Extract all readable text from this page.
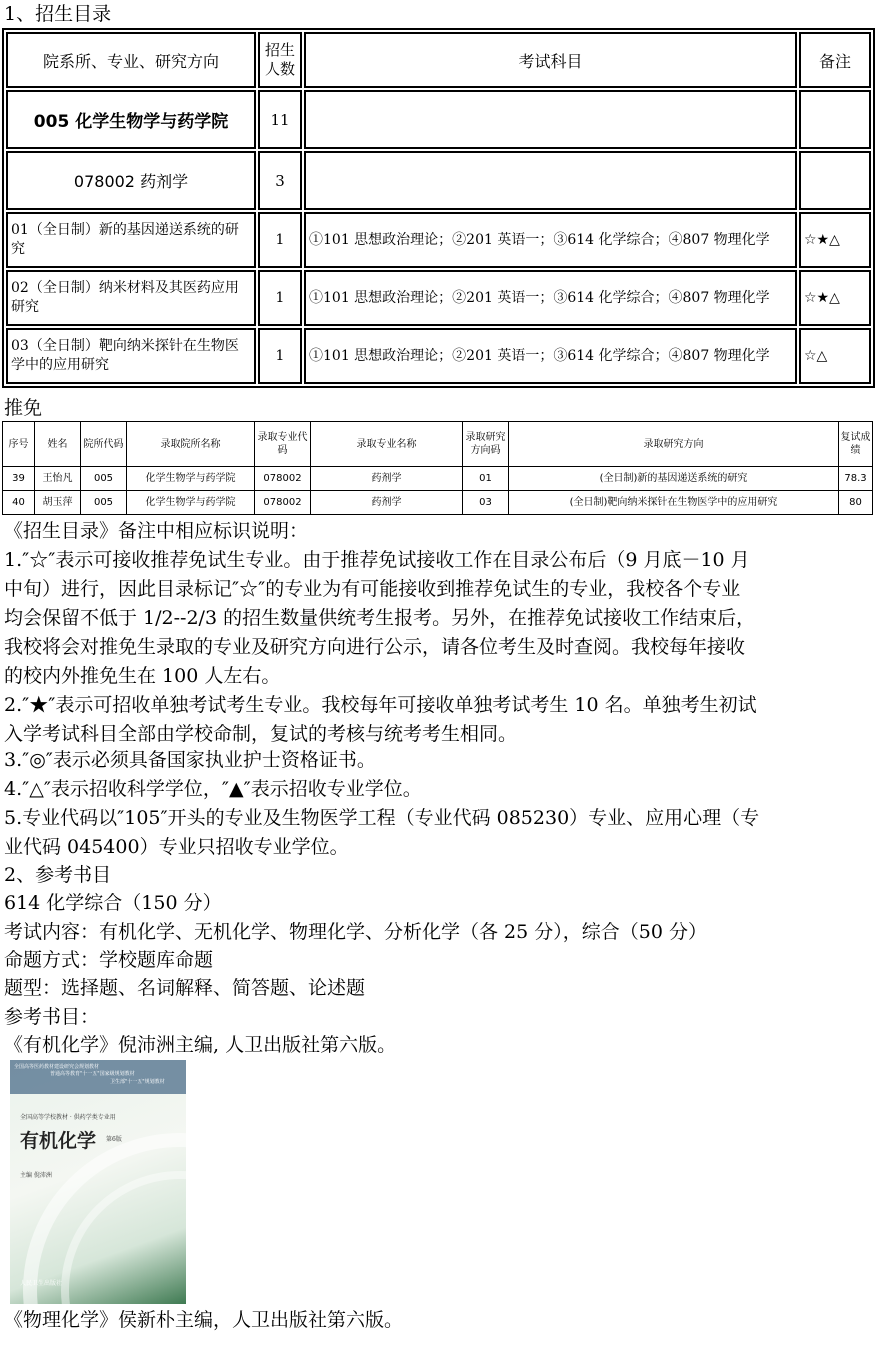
1、招生目录
院系所、专业、研究方向	招生人数	考试科目	备注
005 化学生物学与药学院	11		
078002 药剂学	3		
01（全日制）新的基因递送系统的研究	1	①101 思想政治理论；②201 英语一；③614 化学综合；④807 物理化学	☆★△
02（全日制）纳米材料及其医药应用研究	1	①101 思想政治理论；②201 英语一；③614 化学综合；④807 物理化学	☆★△
03（全日制）靶向纳米探针在生物医学中的应用研究	1	①101 思想政治理论；②201 英语一；③614 化学综合；④807 物理化学	☆△
推免
序号	姓名	院所代码	录取院所名称	录取专业代码	录取专业名称	录取研究方向码	录取研究方向	复试成绩
39	王怡凡	005	化学生物学与药学院	078002	药剂学	01	(全日制)新的基因递送系统的研究	78.3
40	胡玉萍	005	化学生物学与药学院	078002	药剂学	03	(全日制)靶向纳米探针在生物医学中的应用研究	80
《招生目录》备注中相应标识说明：
1.″☆″表示可接收推荐免试生专业。由于推荐免试接收工作在目录公布后（9 月底－10 月
中旬）进行，因此目录标记″☆″的专业为有可能接收到推荐免试生的专业，我校各个专业
均会保留不低于 1/2--2/3 的招生数量供统考生报考。另外，在推荐免试接收工作结束后，
我校将会对推免生录取的专业及研究方向进行公示，请各位考生及时查阅。我校每年接收
的校内外推免生在 100 人左右。
2.″★″表示可招收单独考试考生专业。我校每年可接收单独考试考生 10 名。单独考生初试
入学考试科目全部由学校命制，复试的考核与统考考生相同。
3.″◎″表示必须具备国家执业护士资格证书。
4.″△″表示招收科学学位，″▲″表示招收专业学位。
5.专业代码以″105″开头的专业及生物医学工程（专业代码 085230）专业、应用心理（专
业代码 045400）专业只招收专业学位。
2、参考书目
614 化学综合（150 分）
考试内容：有机化学、无机化学、物理化学、分析化学（各 25 分），综合（50 分）
命题方式：学校题库命题
题型：选择题、名词解释、简答题、论述题
参考书目：
《有机化学》倪沛洲主编, 人卫出版社第六版。
全国高等医药教材建设研究会规划教材
普通高等教育"十一五"国家级规划教材
卫生部"十一五"规划教材
全国高等学校教材 · 供药学类专业用
有机化学 第6版
主编 倪沛洲
人民卫生出版社
《物理化学》侯新朴主编，人卫出版社第六版。
